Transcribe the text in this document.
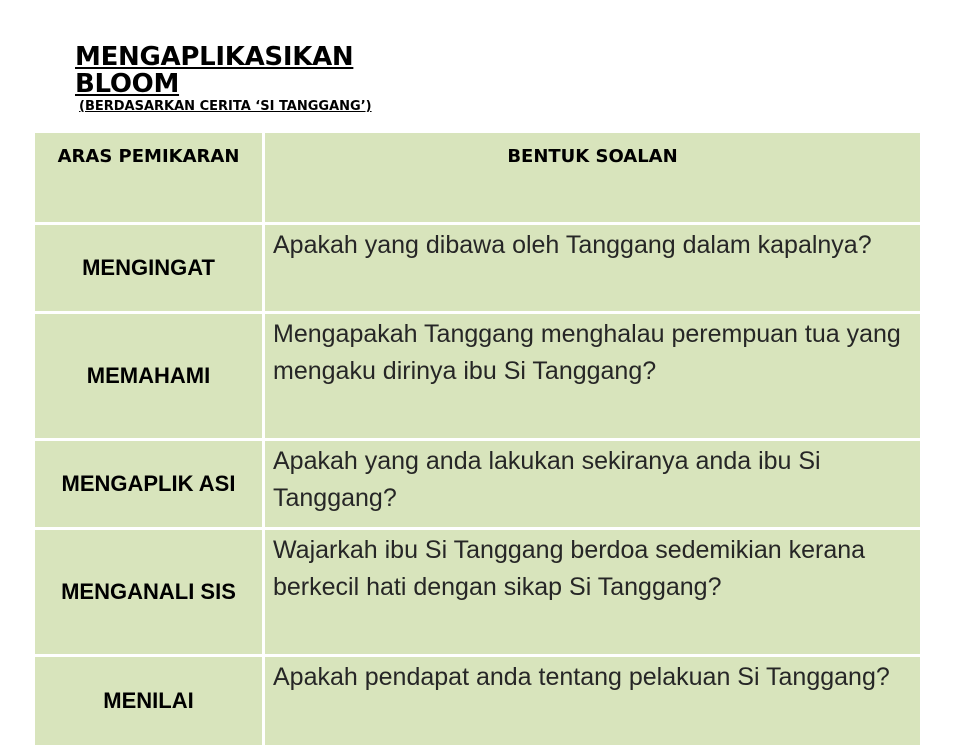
MENGAPLIKASIKAN
BLOOM
(BERDASARKAN CERITA ‘SI TANGGANG’)
ARAS PEMIKARAN	BENTUK SOALAN
MENGINGAT	Apakah yang dibawa oleh Tanggang dalam kapalnya?
MEMAHAMI	Mengapakah Tanggang menghalau perempuan tua yang mengaku dirinya ibu Si Tanggang?
MENGAPLIK ASI	Apakah yang anda lakukan sekiranya anda ibu Si Tanggang?
MENGANALI SIS	Wajarkah ibu Si Tanggang berdoa sedemikian kerana berkecil hati dengan sikap Si Tanggang?
MENILAI	Apakah pendapat anda tentang pelakuan Si Tanggang?
